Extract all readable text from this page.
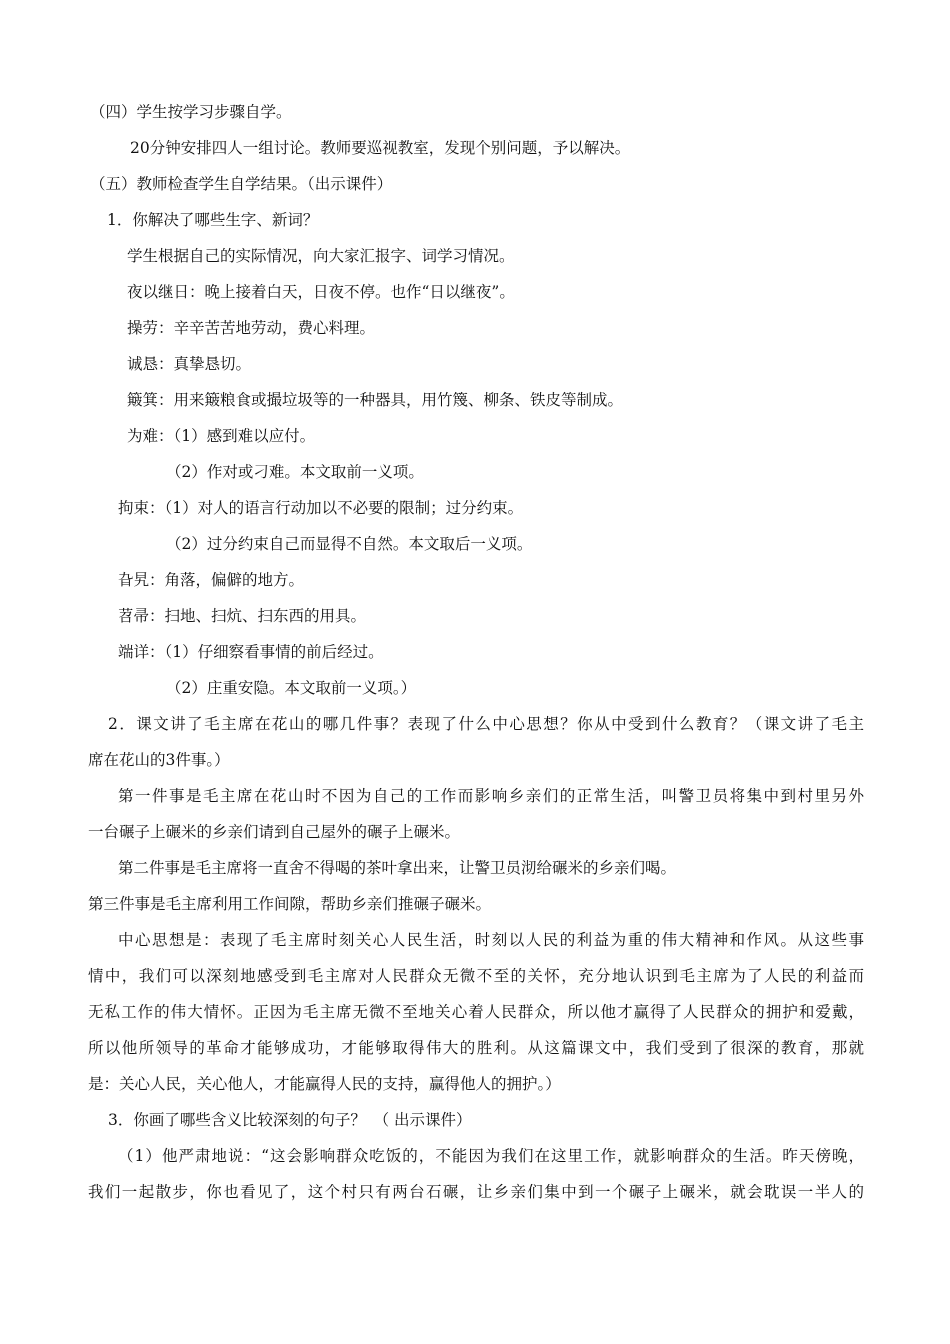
（四）学生按学习步骤自学。
20分钟安排四人一组讨论。教师要巡视教室，发现个别问题，予以解决。
（五）教师检查学生自学结果。（出示课件）
1．你解决了哪些生字、新词？
学生根据自己的实际情况，向大家汇报字、词学习情况。
夜以继日：晚上接着白天，日夜不停。也作“日以继夜”。
操劳：辛辛苦苦地劳动，费心料理。
诚恳：真挚恳切。
簸箕：用来簸粮食或撮垃圾等的一种器具，用竹篾、柳条、铁皮等制成。
为难：（1）感到难以应付。
（2）作对或刁难。本文取前一义项。
拘束：（1）对人的语言行动加以不必要的限制；过分约束。
（2）过分约束自己而显得不自然。本文取后一义项。
旮旯：角落，偏僻的地方。
苕帚：扫地、扫炕、扫东西的用具。
端详：（1）仔细察看事情的前后经过。
（2）庄重安隐。本文取前一义项。）
2．课文讲了毛主席在花山的哪几件事？表现了什么中心思想？你从中受到什么教育？（课文讲了毛主
席在花山的3件事。）
第一件事是毛主席在花山时不因为自己的工作而影响乡亲们的正常生活，叫警卫员将集中到村里另外
一台碾子上碾米的乡亲们请到自己屋外的碾子上碾米。
第二件事是毛主席将一直舍不得喝的茶叶拿出来，让警卫员沏给碾米的乡亲们喝。
第三件事是毛主席利用工作间隙，帮助乡亲们推碾子碾米。
中心思想是：表现了毛主席时刻关心人民生活，时刻以人民的利益为重的伟大精神和作风。从这些事
情中，我们可以深刻地感受到毛主席对人民群众无微不至的关怀，充分地认识到毛主席为了人民的利益而
无私工作的伟大情怀。正因为毛主席无微不至地关心着人民群众，所以他才赢得了人民群众的拥护和爱戴，
所以他所领导的革命才能够成功，才能够取得伟大的胜利。从这篇课文中，我们受到了很深的教育，那就
是：关心人民，关心他人，才能赢得人民的支持，赢得他人的拥护。）
3．你画了哪些含义比较深刻的句子？　（ 出示课件）
（1）他严肃地说：“这会影响群众吃饭的，不能因为我们在这里工作，就影响群众的生活。昨天傍晚，
我们一起散步，你也看见了，这个村只有两台石碾，让乡亲们集中到一个碾子上碾米，就会耽误一半人的
